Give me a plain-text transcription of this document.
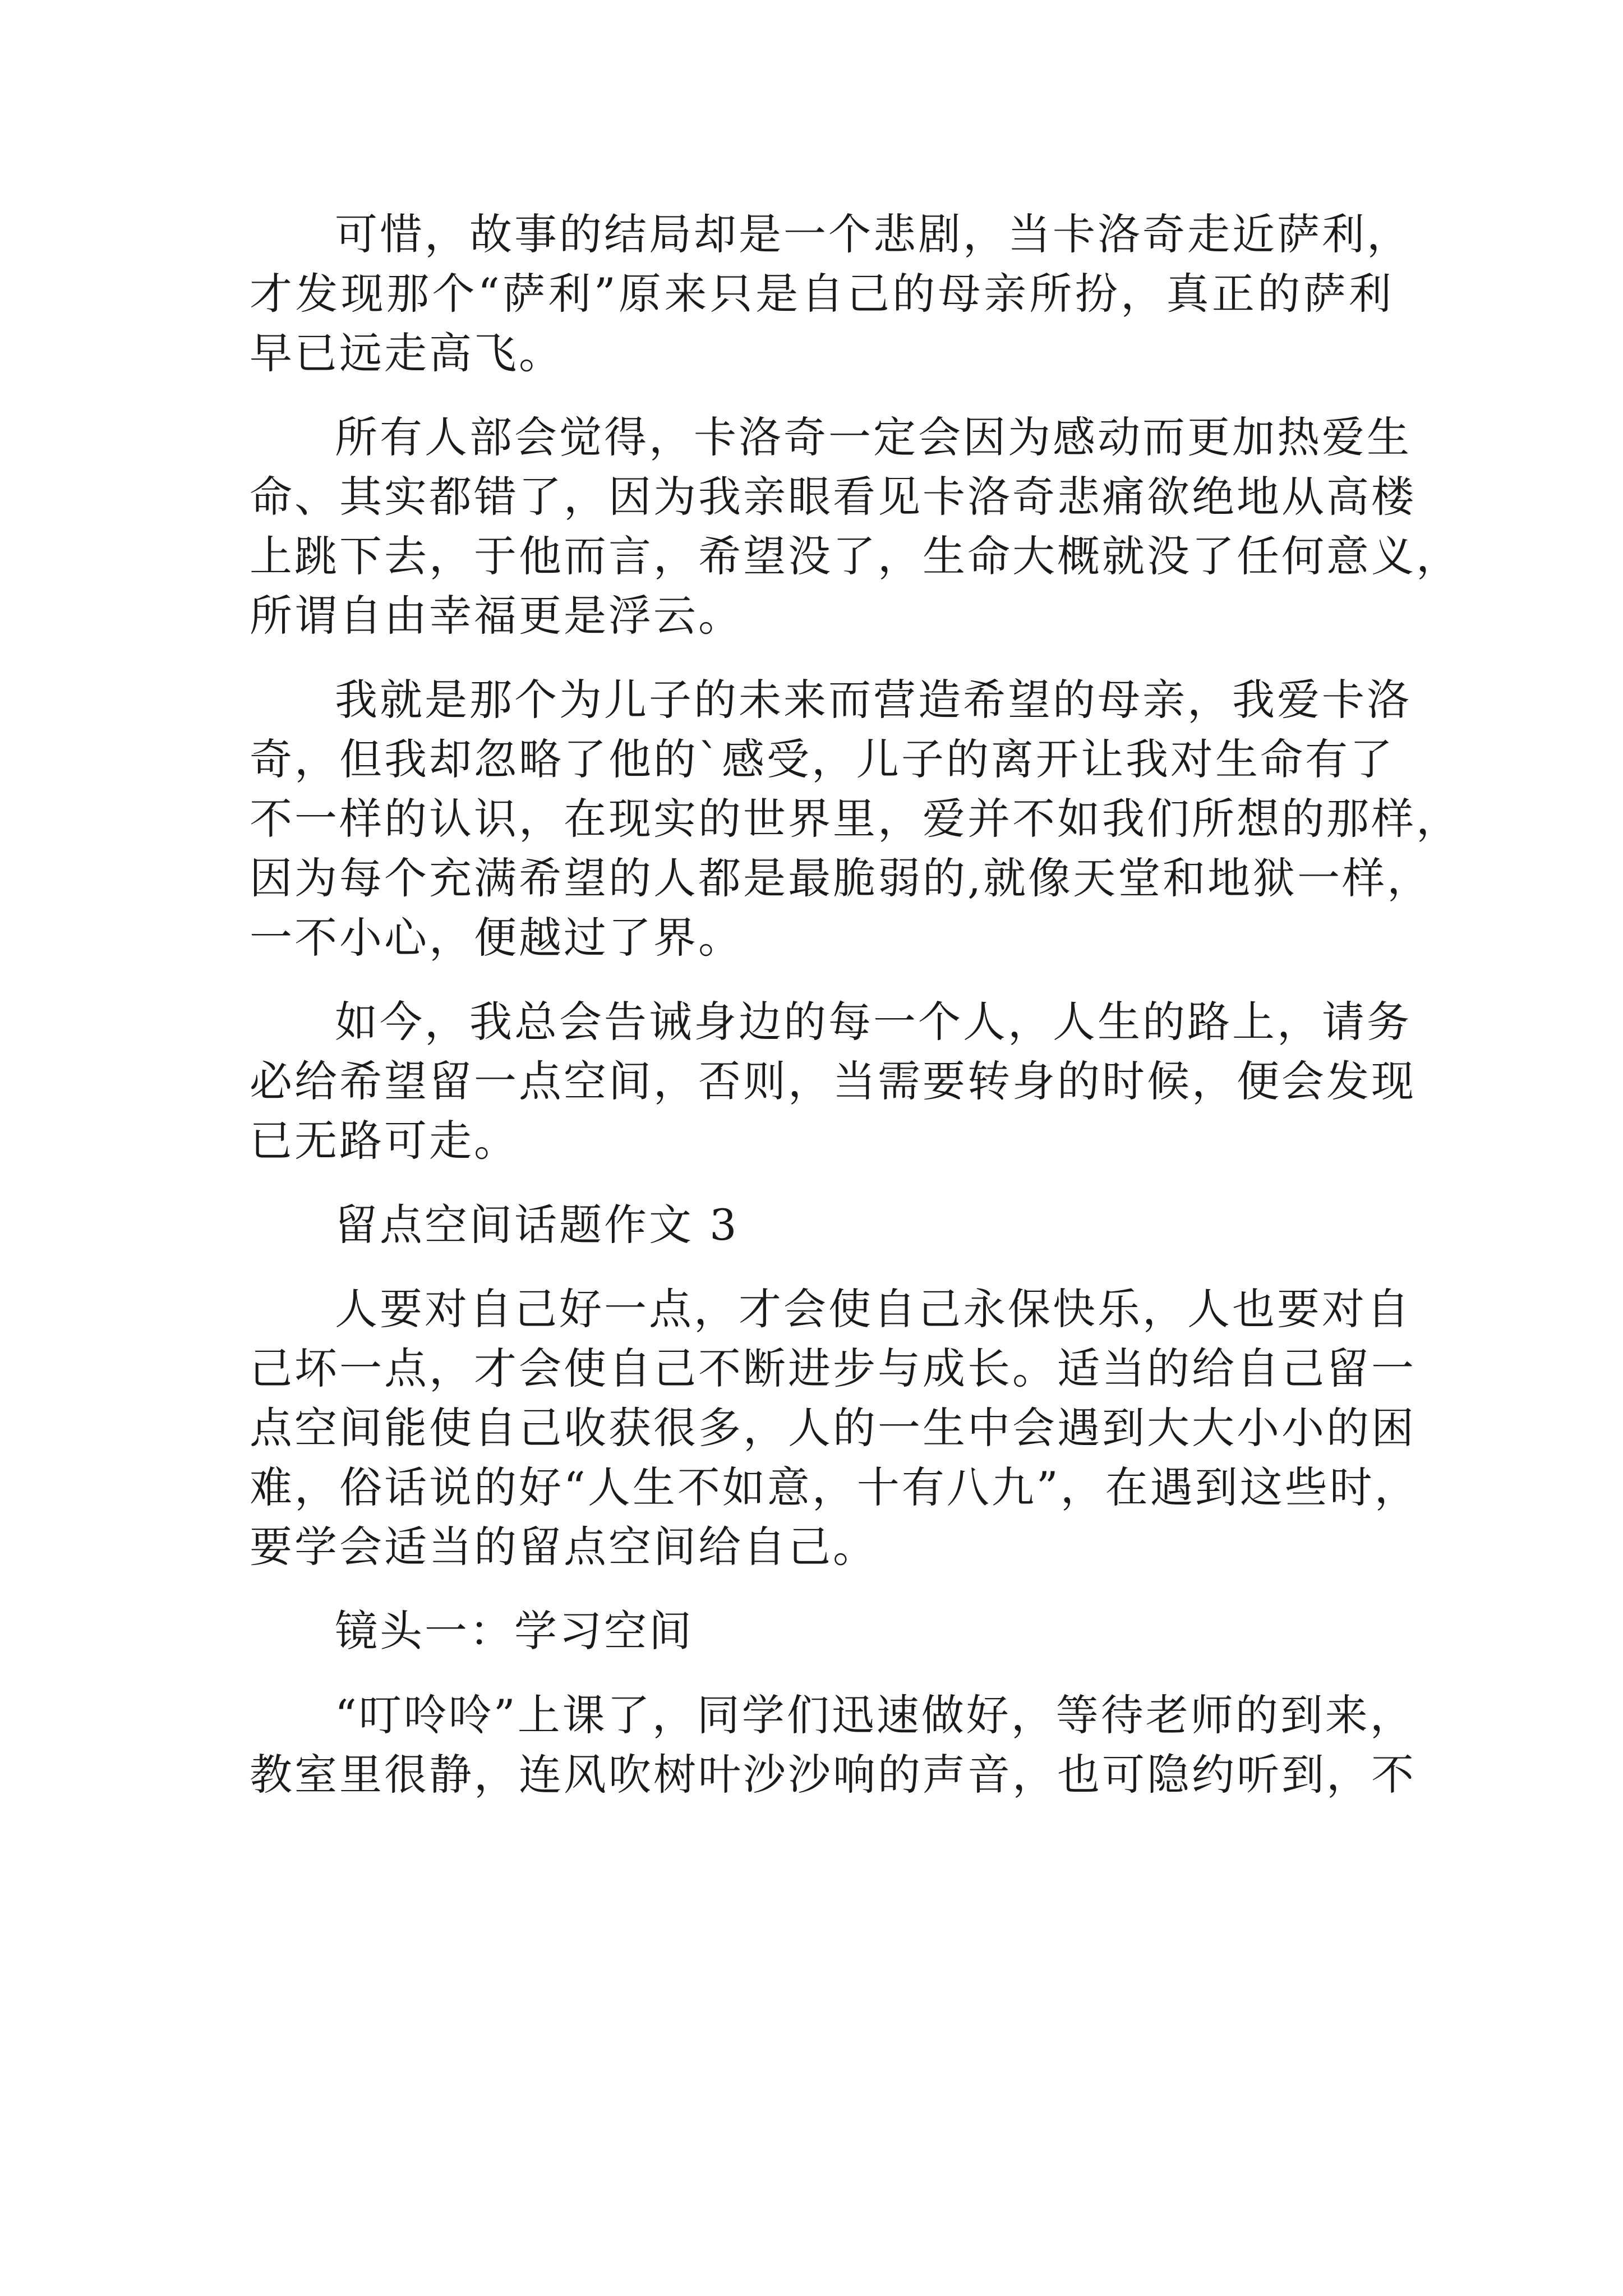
可惜，故事的结局却是一个悲剧，当卡洛奇走近萨利，
才发现那个“萨利”原来只是自己的母亲所扮，真正的萨利
早已远走高飞。
所有人部会觉得，卡洛奇一定会因为感动而更加热爱生
命、其实都错了，因为我亲眼看见卡洛奇悲痛欲绝地从高楼
上跳下去，于他而言，希望没了，生命大概就没了任何意义，
所谓自由幸福更是浮云。
我就是那个为儿子的未来而营造希望的母亲，我爱卡洛
奇，但我却忽略了他的`感受，儿子的离开让我对生命有了
不一样的认识，在现实的世界里，爱并不如我们所想的那样，
因为每个充满希望的人都是最脆弱的,就像天堂和地狱一样，
一不小心，便越过了界。
如今，我总会告诫身边的每一个人，人生的路上，请务
必给希望留一点空间，否则，当需要转身的时候，便会发现
已无路可走。
留点空间话题作文 3
人要对自己好一点，才会使自己永保快乐，人也要对自
己坏一点，才会使自己不断进步与成长。适当的给自己留一
点空间能使自己收获很多，人的一生中会遇到大大小小的困
难，俗话说的好“人生不如意，十有八九”，在遇到这些时，
要学会适当的留点空间给自己。
镜头一：学习空间
“叮呤呤”上课了，同学们迅速做好，等待老师的到来，
教室里很静，连风吹树叶沙沙响的声音，也可隐约听到，不
